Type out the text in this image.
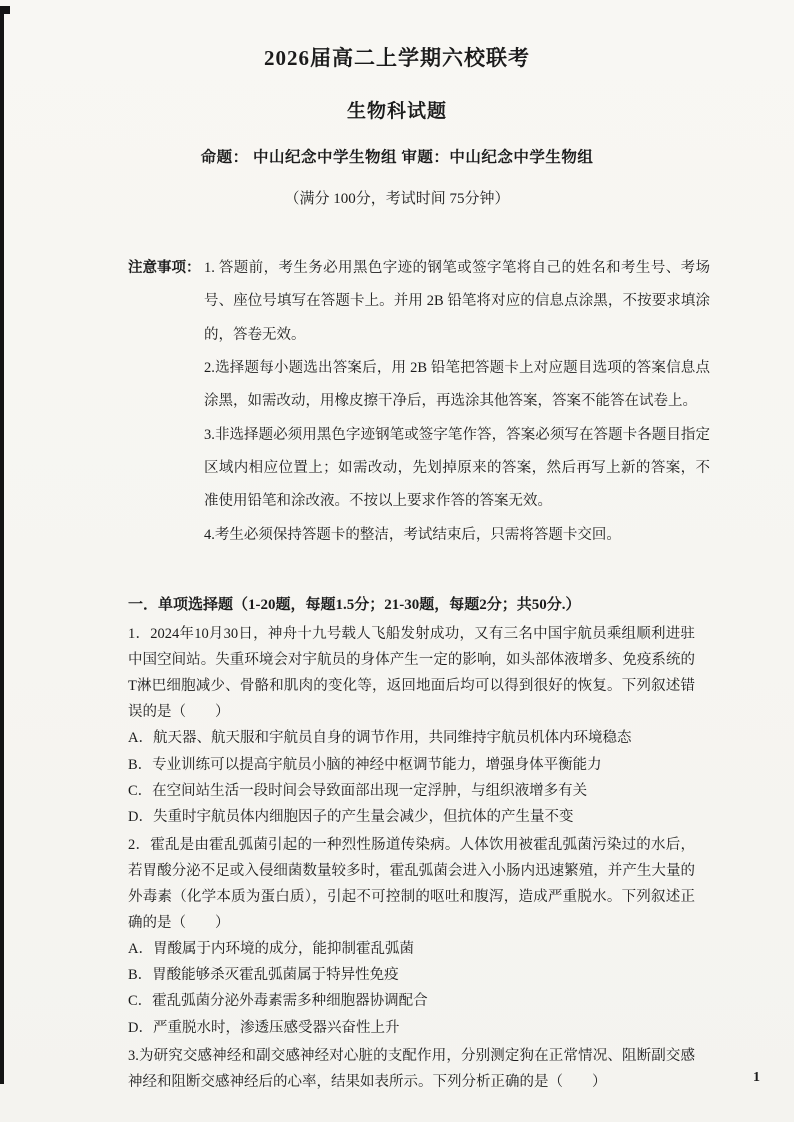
2026届高二上学期六校联考
生物科试题

命题： 中山纪念中学生物组 审题：中山纪念中学生物组

（满分 100分，考试时间 75分钟）

注意事项： 1. 答题前，考生务必用黑色字迹的钢笔或签字笔将自己的姓名和考生号、考场号、座位号填写在答题卡上。并用 2B 铅笔将对应的信息点涂黑，不按要求填涂的，答卷无效。

2.选择题每小题选出答案后，用 2B 铅笔把答题卡上对应题目选项的答案信息点涂黑，如需改动，用橡皮擦干净后，再选涂其他答案，答案不能答在试卷上。

3.非选择题必须用黑色字迹钢笔或签字笔作答，答案必须写在答题卡各题目指定区域内相应位置上；如需改动，先划掉原来的答案，然后再写上新的答案，不准使用铅笔和涂改液。不按以上要求作答的答案无效。

4.考生必须保持答题卡的整洁，考试结束后，只需将答题卡交回。

一．单项选择题（1-20题，每题1.5分；21-30题，每题2分；共50分.）

1．2024年10月30日，神舟十九号载人飞船发射成功，又有三名中国宇航员乘组顺利进驻中国空间站。失重环境会对宇航员的身体产生一定的影响，如头部体液增多、免疫系统的T淋巴细胞减少、骨骼和肌肉的变化等，返回地面后均可以得到很好的恢复。下列叙述错误的是（　　）

A．航天器、航天服和宇航员自身的调节作用，共同维持宇航员机体内环境稳态

B．专业训练可以提高宇航员小脑的神经中枢调节能力，增强身体平衡能力

C．在空间站生活一段时间会导致面部出现一定浮肿，与组织液增多有关

D．失重时宇航员体内细胞因子的产生量会减少，但抗体的产生量不变

2．霍乱是由霍乱弧菌引起的一种烈性肠道传染病。人体饮用被霍乱弧菌污染过的水后，若胃酸分泌不足或入侵细菌数量较多时，霍乱弧菌会进入小肠内迅速繁殖，并产生大量的外毒素（化学本质为蛋白质），引起不可控制的呕吐和腹泻，造成严重脱水。下列叙述正确的是（　　）

A．胃酸属于内环境的成分，能抑制霍乱弧菌

B．胃酸能够杀灭霍乱弧菌属于特异性免疫

C．霍乱弧菌分泌外毒素需多种细胞器协调配合

D．严重脱水时，渗透压感受器兴奋性上升

3.为研究交感神经和副交感神经对心脏的支配作用，分别测定狗在正常情况、阻断副交感神经和阻断交感神经后的心率，结果如表所示。下列分析正确的是（　　）	1
